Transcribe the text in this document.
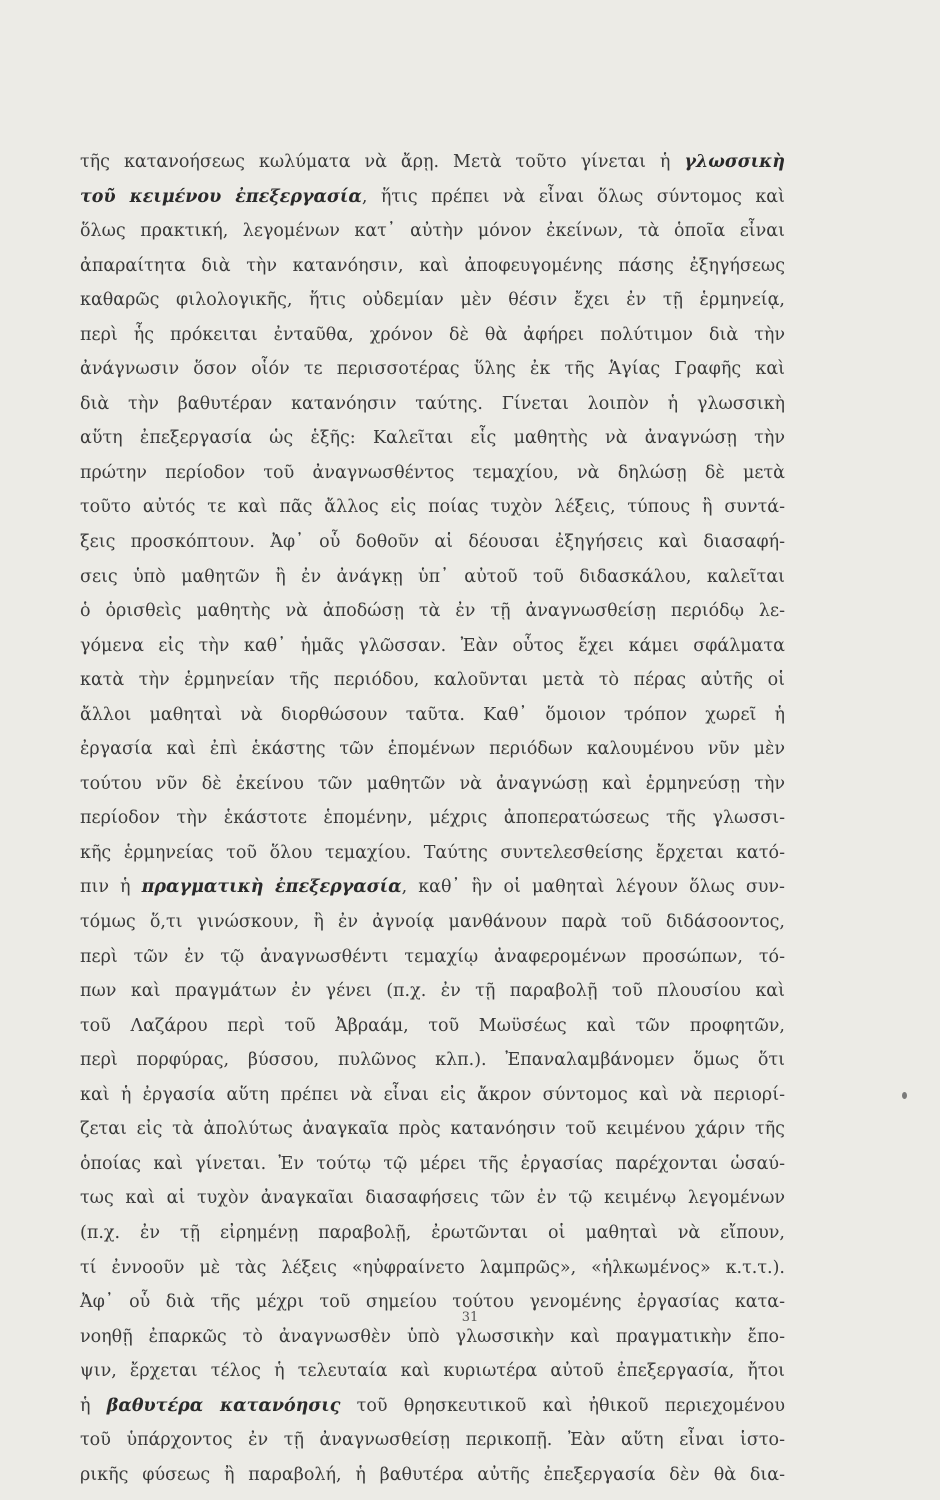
τῆς κατανοήσεως κωλύματα νὰ ἄρῃ. Μετὰ τοῦτο γίνεται ἡ γλωσσικὴ
τοῦ κειμένου ἐπεξεργασία, ἥτις πρέπει νὰ εἶναι ὅλως σύντομος καὶ
ὅλως πρακτική, λεγομένων κατ᾽ αὐτὴν μόνον ἐκείνων, τὰ ὁποῖα εἶναι
ἀπαραίτητα διὰ τὴν κατανόησιν, καὶ ἀποφευγομένης πάσης ἐξηγήσεως
καθαρῶς φιλολογικῆς, ἥτις οὐδεμίαν μὲν θέσιν ἔχει ἐν τῇ ἑρμηνείᾳ,
περὶ ἧς πρόκειται ἐνταῦθα, χρόνον δὲ θὰ ἀφήρει πολύτιμον διὰ τὴν
ἀνάγνωσιν ὅσον οἷόν τε περισσοτέρας ὕλης ἐκ τῆς Ἁγίας Γραφῆς καὶ
διὰ τὴν βαθυτέραν κατανόησιν ταύτης. Γίνεται λοιπὸν ἡ γλωσσικὴ
αὕτη ἐπεξεργασία ὡς ἑξῆς: Καλεῖται εἷς μαθητὴς νὰ ἀναγνώσῃ τὴν
πρώτην περίοδον τοῦ ἀναγνωσθέντος τεμαχίου, νὰ δηλώσῃ δὲ μετὰ
τοῦτο αὐτός τε καὶ πᾶς ἄλλος εἰς ποίας τυχὸν λέξεις, τύπους ἢ συντά-
ξεις προσκόπτουν. Ἀφ᾽ οὗ δοθοῦν αἱ δέουσαι ἐξηγήσεις καὶ διασαφή-
σεις ὑπὸ μαθητῶν ἢ ἐν ἀνάγκῃ ὑπ᾽ αὐτοῦ τοῦ διδασκάλου, καλεῖται
ὁ ὁρισθεὶς μαθητὴς νὰ ἀποδώσῃ τὰ ἐν τῇ ἀναγνωσθείσῃ περιόδῳ λε-
γόμενα εἰς τὴν καθ᾽ ἡμᾶς γλῶσσαν. Ἐὰν οὗτος ἔχει κάμει σφάλματα
κατὰ τὴν ἑρμηνείαν τῆς περιόδου, καλοῦνται μετὰ τὸ πέρας αὐτῆς οἱ
ἄλλοι μαθηταὶ νὰ διορθώσουν ταῦτα. Καθ᾽ ὅμοιον τρόπον χωρεῖ ἡ
ἐργασία καὶ ἐπὶ ἑκάστης τῶν ἑπομένων περιόδων καλουμένου νῦν μὲν
τούτου νῦν δὲ ἐκείνου τῶν μαθητῶν νὰ ἀναγνώσῃ καὶ ἑρμηνεύσῃ τὴν
περίοδον τὴν ἑκάστοτε ἑπομένην, μέχρις ἀποπερατώσεως τῆς γλωσσι-
κῆς ἑρμηνείας τοῦ ὅλου τεμαχίου. Ταύτης συντελεσθείσης ἔρχεται κατό-
πιν ἡ πραγματικὴ ἐπεξεργασία, καθ᾽ ἣν οἱ μαθηταὶ λέγουν ὅλως συν-
τόμως ὅ,τι γινώσκουν, ἢ ἐν ἀγνοίᾳ μανθάνουν παρὰ τοῦ διδάσοοντος,
περὶ τῶν ἐν τῷ ἀναγνωσθέντι τεμαχίῳ ἀναφερομένων προσώπων, τό-
πων καὶ πραγμάτων ἐν γένει (π.χ. ἐν τῇ παραβολῇ τοῦ πλουσίου καὶ
τοῦ Λαζάρου περὶ τοῦ Ἀβραάμ, τοῦ Μωϋσέως καὶ τῶν προφητῶν,
περὶ πορφύρας, βύσσου, πυλῶνος κλπ.). Ἐπαναλαμβάνομεν ὅμως ὅτι
καὶ ἡ ἐργασία αὕτη πρέπει νὰ εἶναι εἰς ἄκρον σύντομος καὶ νὰ περιορί-
ζεται εἰς τὰ ἀπολύτως ἀναγκαῖα πρὸς κατανόησιν τοῦ κειμένου χάριν τῆς
ὁποίας καὶ γίνεται. Ἐν τούτῳ τῷ μέρει τῆς ἐργασίας παρέχονται ὡσαύ-
τως καὶ αἱ τυχὸν ἀναγκαῖαι διασαφήσεις τῶν ἐν τῷ κειμένῳ λεγομένων
(π.χ. ἐν τῇ εἰρημένῃ παραβολῇ, ἐρωτῶνται οἱ μαθηταὶ νὰ εἴπουν,
τί ἐννοοῦν μὲ τὰς λέξεις «ηὐφραίνετο λαμπρῶς», «ἡλκωμένος» κ.τ.τ.).
Ἀφ᾽ οὗ διὰ τῆς μέχρι τοῦ σημείου τούτου γενομένης ἐργασίας κατα-
νοηθῇ ἐπαρκῶς τὸ ἀναγνωσθὲν ὑπὸ γλωσσικὴν καὶ πραγματικὴν ἔπο-
ψιν, ἔρχεται τέλος ἡ τελευταία καὶ κυριωτέρα αὐτοῦ ἐπεξεργασία, ἤτοι
ἡ βαθυτέρα κατανόησις τοῦ θρησκευτικοῦ καὶ ἠθικοῦ περιεχομένου
τοῦ ὑπάρχοντος ἐν τῇ ἀναγνωσθείσῃ περικοπῇ. Ἐὰν αὕτη εἶναι ἱστο-
ρικῆς φύσεως ἢ παραβολή, ἡ βαθυτέρα αὐτῆς ἐπεξεργασία δὲν θὰ δια-
31
